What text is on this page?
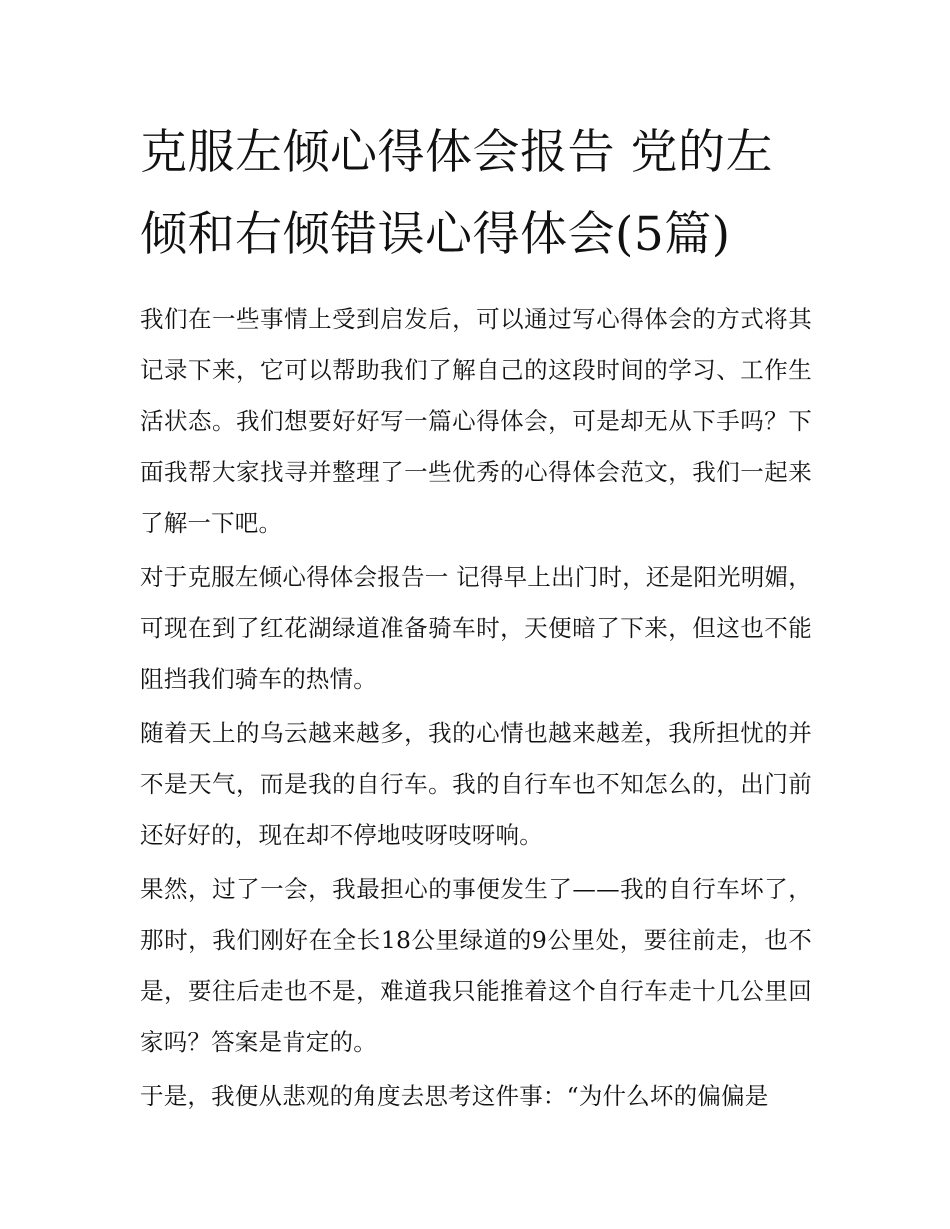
克服左倾心得体会报告 党的左倾和右倾错误心得体会(5篇)

我们在一些事情上受到启发后，可以通过写心得体会的方式将其记录下来，它可以帮助我们了解自己的这段时间的学习、工作生活状态。我们想要好好写一篇心得体会，可是却无从下手吗？下面我帮大家找寻并整理了一些优秀的心得体会范文，我们一起来了解一下吧。

对于克服左倾心得体会报告一 记得早上出门时，还是阳光明媚，可现在到了红花湖绿道准备骑车时，天便暗了下来，但这也不能阻挡我们骑车的热情。

随着天上的乌云越来越多，我的心情也越来越差，我所担忧的并不是天气，而是我的自行车。我的自行车也不知怎么的，出门前还好好的，现在却不停地吱呀吱呀响。

果然，过了一会，我最担心的事便发生了——我的自行车坏了，那时，我们刚好在全长18公里绿道的9公里处，要往前走，也不是，要往后走也不是，难道我只能推着这个自行车走十几公里回家吗？答案是肯定的。

于是，我便从悲观的角度去思考这件事：“为什么坏的偏偏是
